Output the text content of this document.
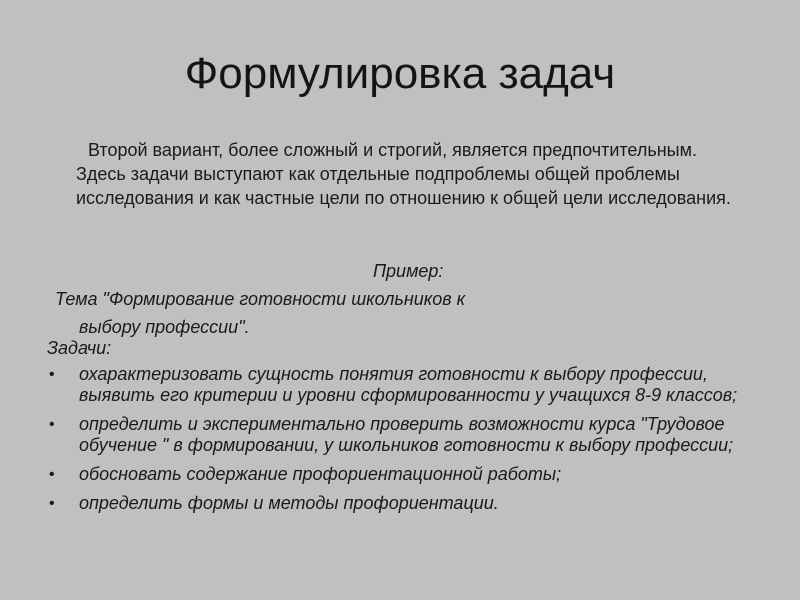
Формулировка задач

Второй вариант, более сложный и строгий, является предпочтительным. Здесь задачи выступают как отдельные подпроблемы общей проблемы исследования и как частные цели по отношению к общей цели исследования.

Пример:

Тема "Формирование готовности школьников к
выбору профессии".

Задачи:

• охарактеризовать сущность понятия готовности к выбору профессии, выявить его критерии и уровни сформированности у учащихся 8-9 классов;
• определить и экспериментально проверить возможности курса "Трудовое обучение " в формировании, у школьников готовности к выбору профессии;
• обосновать содержание профориентационной работы;
• определить формы и методы профориентации.
